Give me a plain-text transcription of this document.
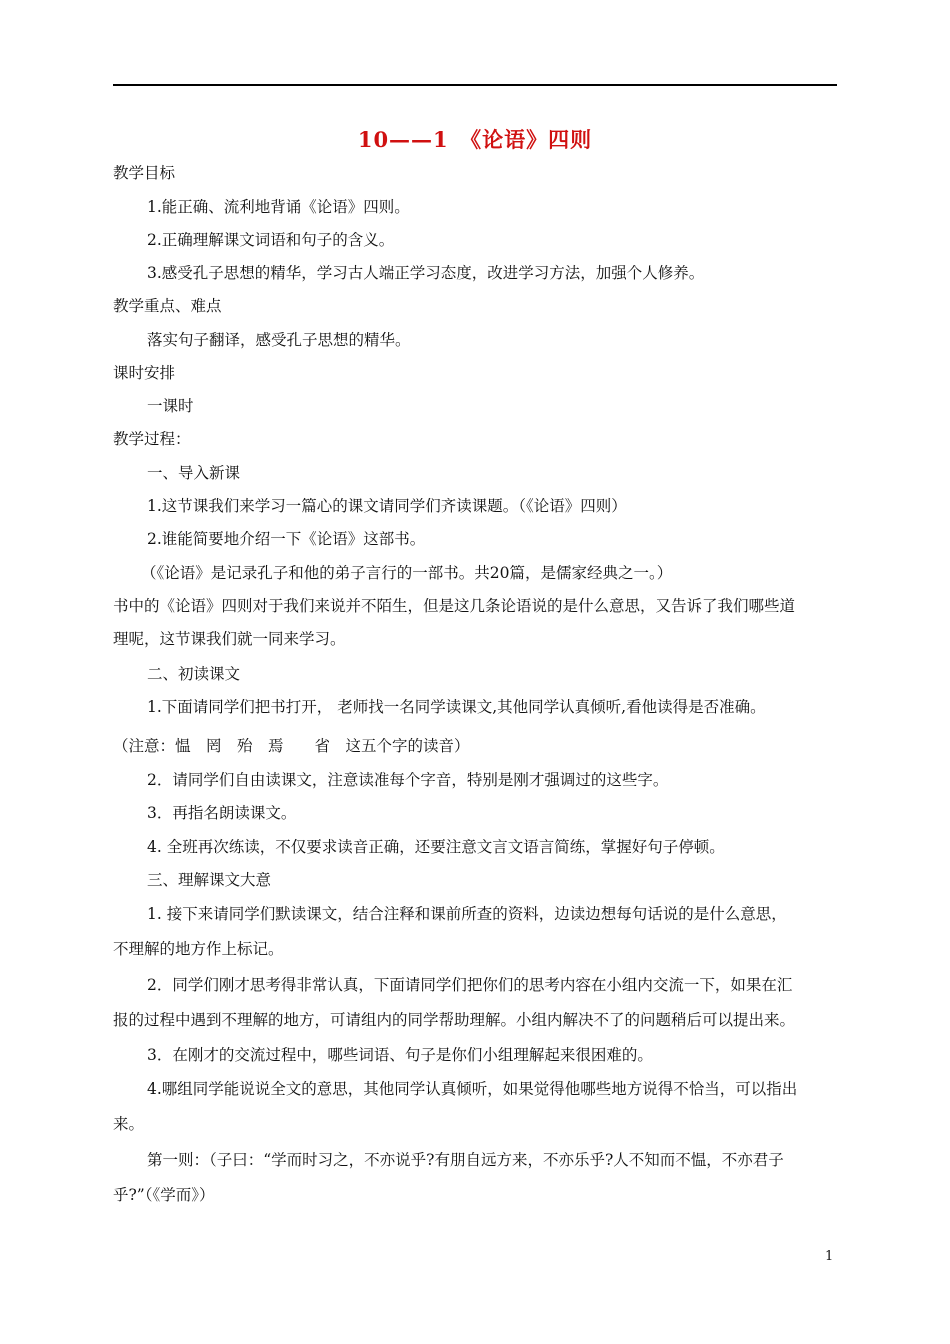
10——1　《论语》四则
教学目标
1.能正确、流利地背诵《论语》四则。
2.正确理解课文词语和句子的含义。
3.感受孔子思想的精华，学习古人端正学习态度，改进学习方法，加强个人修养。
教学重点、难点
落实句子翻译，感受孔子思想的精华。
课时安排
一课时
教学过程：
一、导入新课
1.这节课我们来学习一篇心的课文请同学们齐读课题。（《论语》四则）
2.谁能简要地介绍一下《论语》这部书。
（《论语》是记录孔子和他的弟子言行的一部书。共20篇，是儒家经典之一。）
书中的《论语》四则对于我们来说并不陌生，但是这几条论语说的是什么意思，又告诉了我们哪些道
理呢，这节课我们就一同来学习。
二、初读课文
1.下面请同学们把书打开， 老师找一名同学读课文,其他同学认真倾听,看他读得是否准确。
（注意：愠　罔　殆　焉　　省　这五个字的读音）
2．请同学们自由读课文，注意读准每个字音，特别是刚才强调过的这些字。
3．再指名朗读课文。
4. 全班再次练读，不仅要求读音正确，还要注意文言文语言简练，掌握好句子停顿。
三、理解课文大意
1. 接下来请同学们默读课文，结合注释和课前所查的资料，边读边想每句话说的是什么意思，
不理解的地方作上标记。
2．同学们刚才思考得非常认真，下面请同学们把你们的思考内容在小组内交流一下，如果在汇
报的过程中遇到不理解的地方，可请组内的同学帮助理解。小组内解决不了的问题稍后可以提出来。
3．在刚才的交流过程中，哪些词语、句子是你们小组理解起来很困难的。
4.哪组同学能说说全文的意思，其他同学认真倾听，如果觉得他哪些地方说得不恰当，可以指出
来。
第一则：（子曰：“学而时习之，不亦说乎?有朋自远方来，不亦乐乎?人不知而不愠，不亦君子
乎?”（《学而》）
1
